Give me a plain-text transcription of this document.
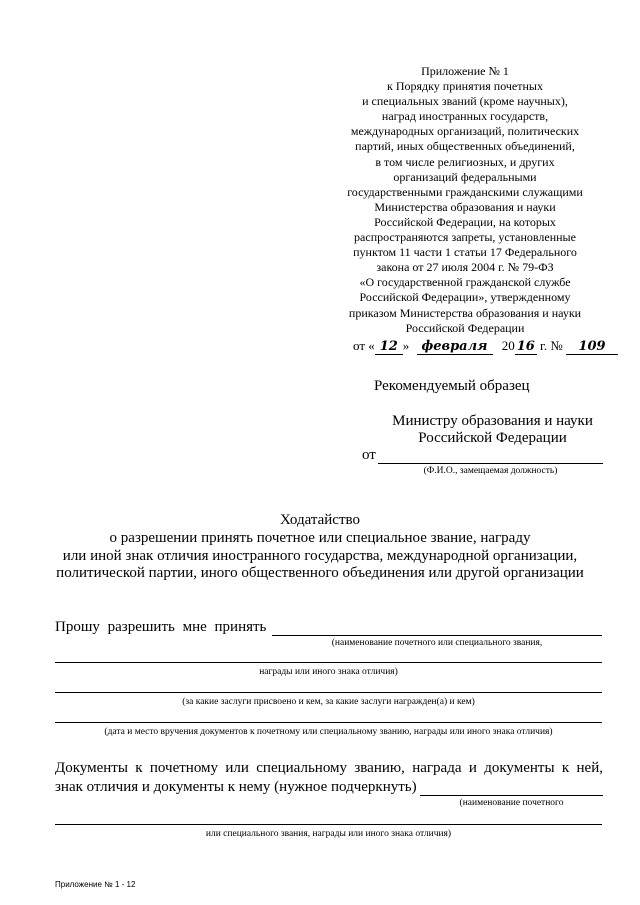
Приложение № 1
к Порядку принятия почетных
и специальных званий (кроме научных),
наград иностранных государств,
международных организаций, политических
партий, иных общественных объединений,
в том числе религиозных, и других
организаций федеральными
государственными гражданскими служащими
Министерства образования и науки
Российской Федерации, на которых
распространяются запреты, установленные
пунктом 11 части 1 статьи 17 Федерального
закона от 27 июля 2004 г. № 79-ФЗ
«О государственной гражданской службе
Российской Федерации», утвержденному
приказом Министерства образования и науки
Российской Федерации
от « 12 » февраля 20 16 г. № 109
Рекомендуемый образец
Министру образования и науки
Российской Федерации
от
(Ф.И.О., замещаемая должность)
Ходатайство
о разрешении принять почетное или специальное звание, награду
или иной знак отличия иностранного государства, международной организации,
политической партии, иного общественного объединения или другой организации
Прошу разрешить мне принять
(наименование почетного или специального звания,
награды или иного знака отличия)
(за какие заслуги присвоено и кем, за какие заслуги награжден(а) и кем)
(дата и место вручения документов к почетному или специальному званию, награды или иного знака отличия)
Документы к почетному или специальному званию, награда и документы к ней,
знак отличия и документы к нему (нужное подчеркнуть)
(наименование почетного
или специального звания, награды или иного знака отличия)
Приложение № 1 - 12
